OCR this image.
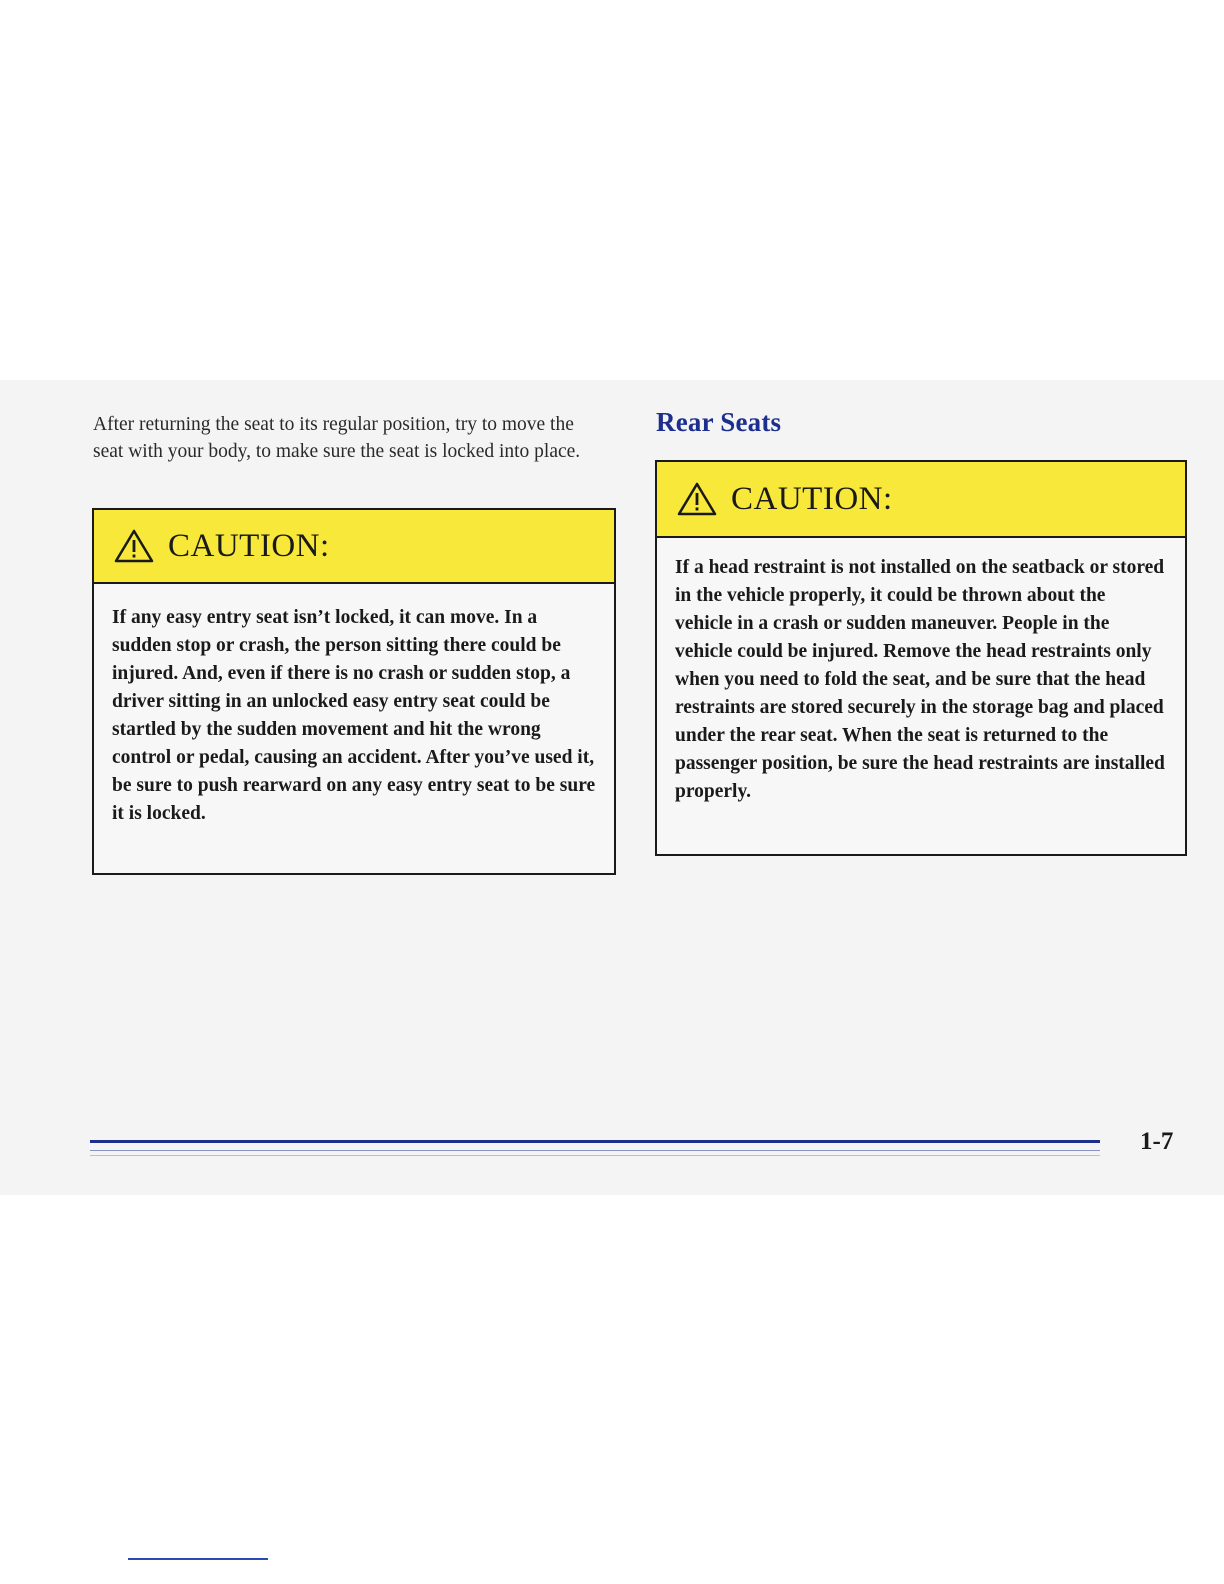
After returning the seat to its regular position, try to move the seat with your body, to make sure the seat is locked into place.

CAUTION:

If any easy entry seat isn’t locked, it can move. In a sudden stop or crash, the person sitting there could be injured. And, even if there is no crash or sudden stop, a driver sitting in an unlocked easy entry seat could be startled by the sudden movement and hit the wrong control or pedal, causing an accident. After you’ve used it, be sure to push rearward on any easy entry seat to be sure it is locked.

Rear Seats
CAUTION:

If a head restraint is not installed on the seatback or stored in the vehicle properly, it could be thrown about the vehicle in a crash or sudden maneuver. People in the vehicle could be injured. Remove the head restraints only when you need to fold the seat, and be sure that the head restraints are stored securely in the storage bag and placed under the rear seat. When the seat is returned to the passenger position, be sure the head restraints are installed properly.

1-7
